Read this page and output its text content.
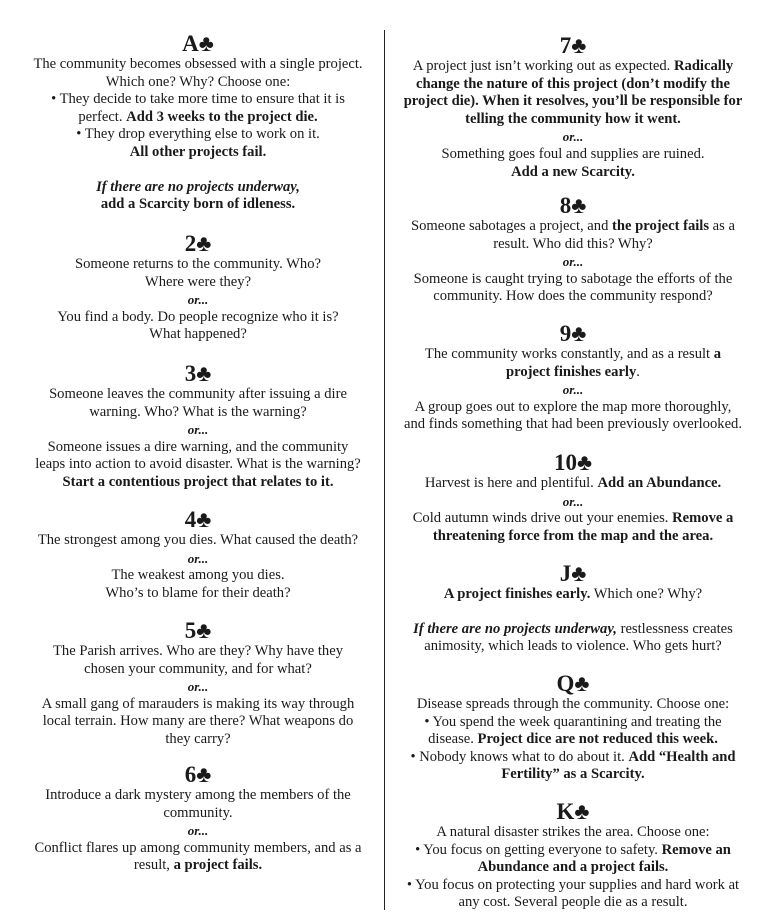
A♣
The community becomes obsessed with a single project.
Which one? Why? Choose one:
• They decide to take more time to ensure that it is
perfect. Add 3 weeks to the project die.
• They drop everything else to work on it.
All other projects fail.
If there are no projects underway,
add a Scarcity born of idleness.
2♣
Someone returns to the community. Who?
Where were they?
or...
You find a body. Do people recognize who it is?
What happened?
3♣
Someone leaves the community after issuing a dire
warning. Who? What is the warning?
or...
Someone issues a dire warning, and the community
leaps into action to avoid disaster. What is the warning?
Start a contentious project that relates to it.
4♣
The strongest among you dies. What caused the death?
or...
The weakest among you dies.
Who’s to blame for their death?
5♣
The Parish arrives. Who are they? Why have they
chosen your community, and for what?
or...
A small gang of marauders is making its way through
local terrain. How many are there? What weapons do
they carry?
6♣
Introduce a dark mystery among the members of the
community.
or...
Conflict flares up among community members, and as a
result, a project fails.
7♣
A project just isn’t working out as expected. Radically
change the nature of this project (don’t modify the
project die). When it resolves, you’ll be responsible for
telling the community how it went.
or...
Something goes foul and supplies are ruined.
Add a new Scarcity.
8♣
Someone sabotages a project, and the project fails as a
result. Who did this? Why?
or...
Someone is caught trying to sabotage the efforts of the
community. How does the community respond?
9♣
The community works constantly, and as a result a
project finishes early.
or...
A group goes out to explore the map more thoroughly,
and finds something that had been previously overlooked.
10♣
Harvest is here and plentiful. Add an Abundance.
or...
Cold autumn winds drive out your enemies. Remove a
threatening force from the map and the area.
J♣
A project finishes early. Which one? Why?
If there are no projects underway, restlessness creates
animosity, which leads to violence. Who gets hurt?
Q♣
Disease spreads through the community. Choose one:
• You spend the week quarantining and treating the
disease. Project dice are not reduced this week.
• Nobody knows what to do about it. Add “Health and
Fertility” as a Scarcity.
K♣
A natural disaster strikes the area. Choose one:
• You focus on getting everyone to safety. Remove an
Abundance and a project fails.
• You focus on protecting your supplies and hard work at
any cost. Several people die as a result.
